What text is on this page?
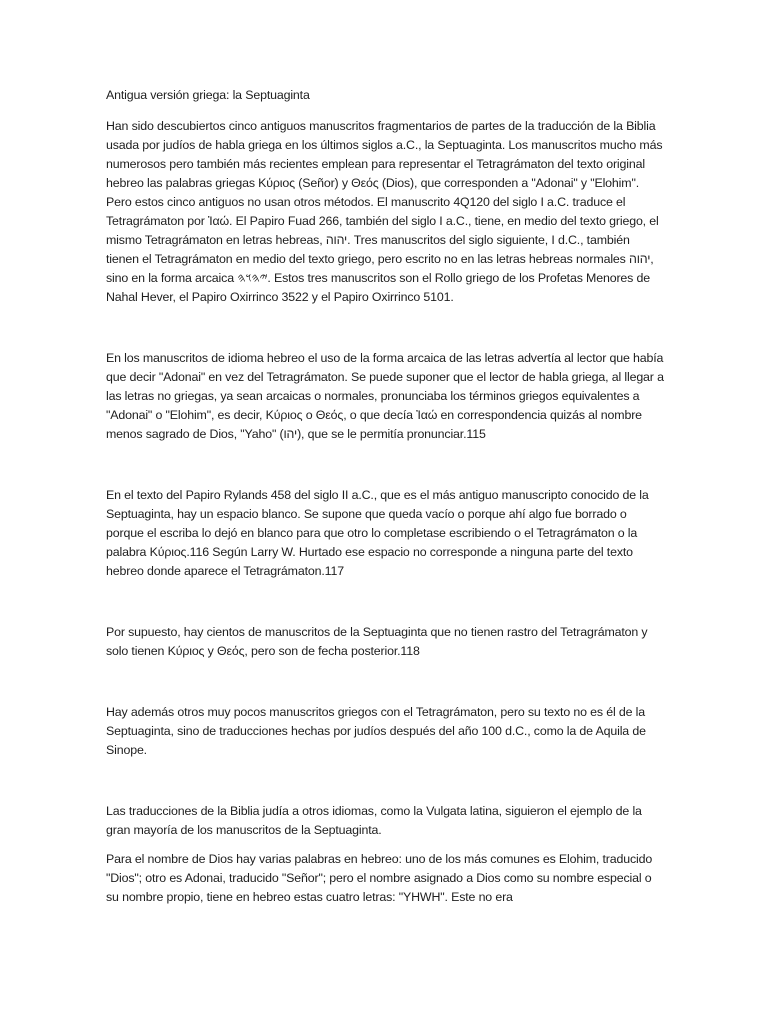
Antigua versión griega: la Septuaginta

Han sido descubiertos cinco antiguos manuscritos fragmentarios de partes de la traducción de la Biblia usada por judíos de habla griega en los últimos siglos a.C., la Septuaginta. Los manuscritos mucho más numerosos pero también más recientes emplean para representar el Tetragrámaton del texto original hebreo las palabras griegas Κύριος (Señor) y Θεός (Dios), que corresponden a "Adonai" y "Elohim". Pero estos cinco antiguos no usan otros métodos. El manuscrito 4Q120 del siglo I a.C. traduce el Tetragrámaton por Ἰαώ. El Papiro Fuad 266, también del siglo I a.C., tiene, en medio del texto griego, el mismo Tetragrámaton en letras hebreas, יהוה. Tres manuscritos del siglo siguiente, I d.C., también tienen el Tetragrámaton en medio del texto griego, pero escrito no en las letras hebreas normales יהוה, sino en la forma arcaica 𐤉𐤄𐤅𐤄. Estos tres manuscritos son el Rollo griego de los Profetas Menores de Nahal Hever, el Papiro Oxirrinco 3522 y el Papiro Oxirrinco 5101.

En los manuscritos de idioma hebreo el uso de la forma arcaica de las letras advertía al lector que había que decir "Adonai" en vez del Tetragrámaton. Se puede suponer que el lector de habla griega, al llegar a las letras no griegas, ya sean arcaicas o normales, pronunciaba los términos griegos equivalentes a "Adonai" o "Elohim", es decir, Κύριος o Θεός, o que decía Ἰαώ en correspondencia quizás al nombre menos sagrado de Dios, "Yaho" (יהו), que se le permitía pronunciar.115

En el texto del Papiro Rylands 458 del siglo II a.C., que es el más antiguo manuscripto conocido de la Septuaginta, hay un espacio blanco. Se supone que queda vacío o porque ahí algo fue borrado o porque el escriba lo dejó en blanco para que otro lo completase escribiendo o el Tetragrámaton o la palabra Κύριος.116 Según Larry W. Hurtado ese espacio no corresponde a ninguna parte del texto hebreo donde aparece el Tetragrámaton.117

Por supuesto, hay cientos de manuscritos de la Septuaginta que no tienen rastro del Tetragrámaton y solo tienen Κύριος y Θεός, pero son de fecha posterior.118

Hay además otros muy pocos manuscritos griegos con el Tetragrámaton, pero su texto no es él de la Septuaginta, sino de traducciones hechas por judíos después del año 100 d.C., como la de Aquila de Sinope.

Las traducciones de la Biblia judía a otros idiomas, como la Vulgata latina, siguieron el ejemplo de la gran mayoría de los manuscritos de la Septuaginta.

Para el nombre de Dios hay varias palabras en hebreo: uno de los más comunes es Elohim, traducido "Dios"; otro es Adonai, traducido "Señor"; pero el nombre asignado a Dios como su nombre especial o su nombre propio, tiene en hebreo estas cuatro letras: "YHWH". Este no era
